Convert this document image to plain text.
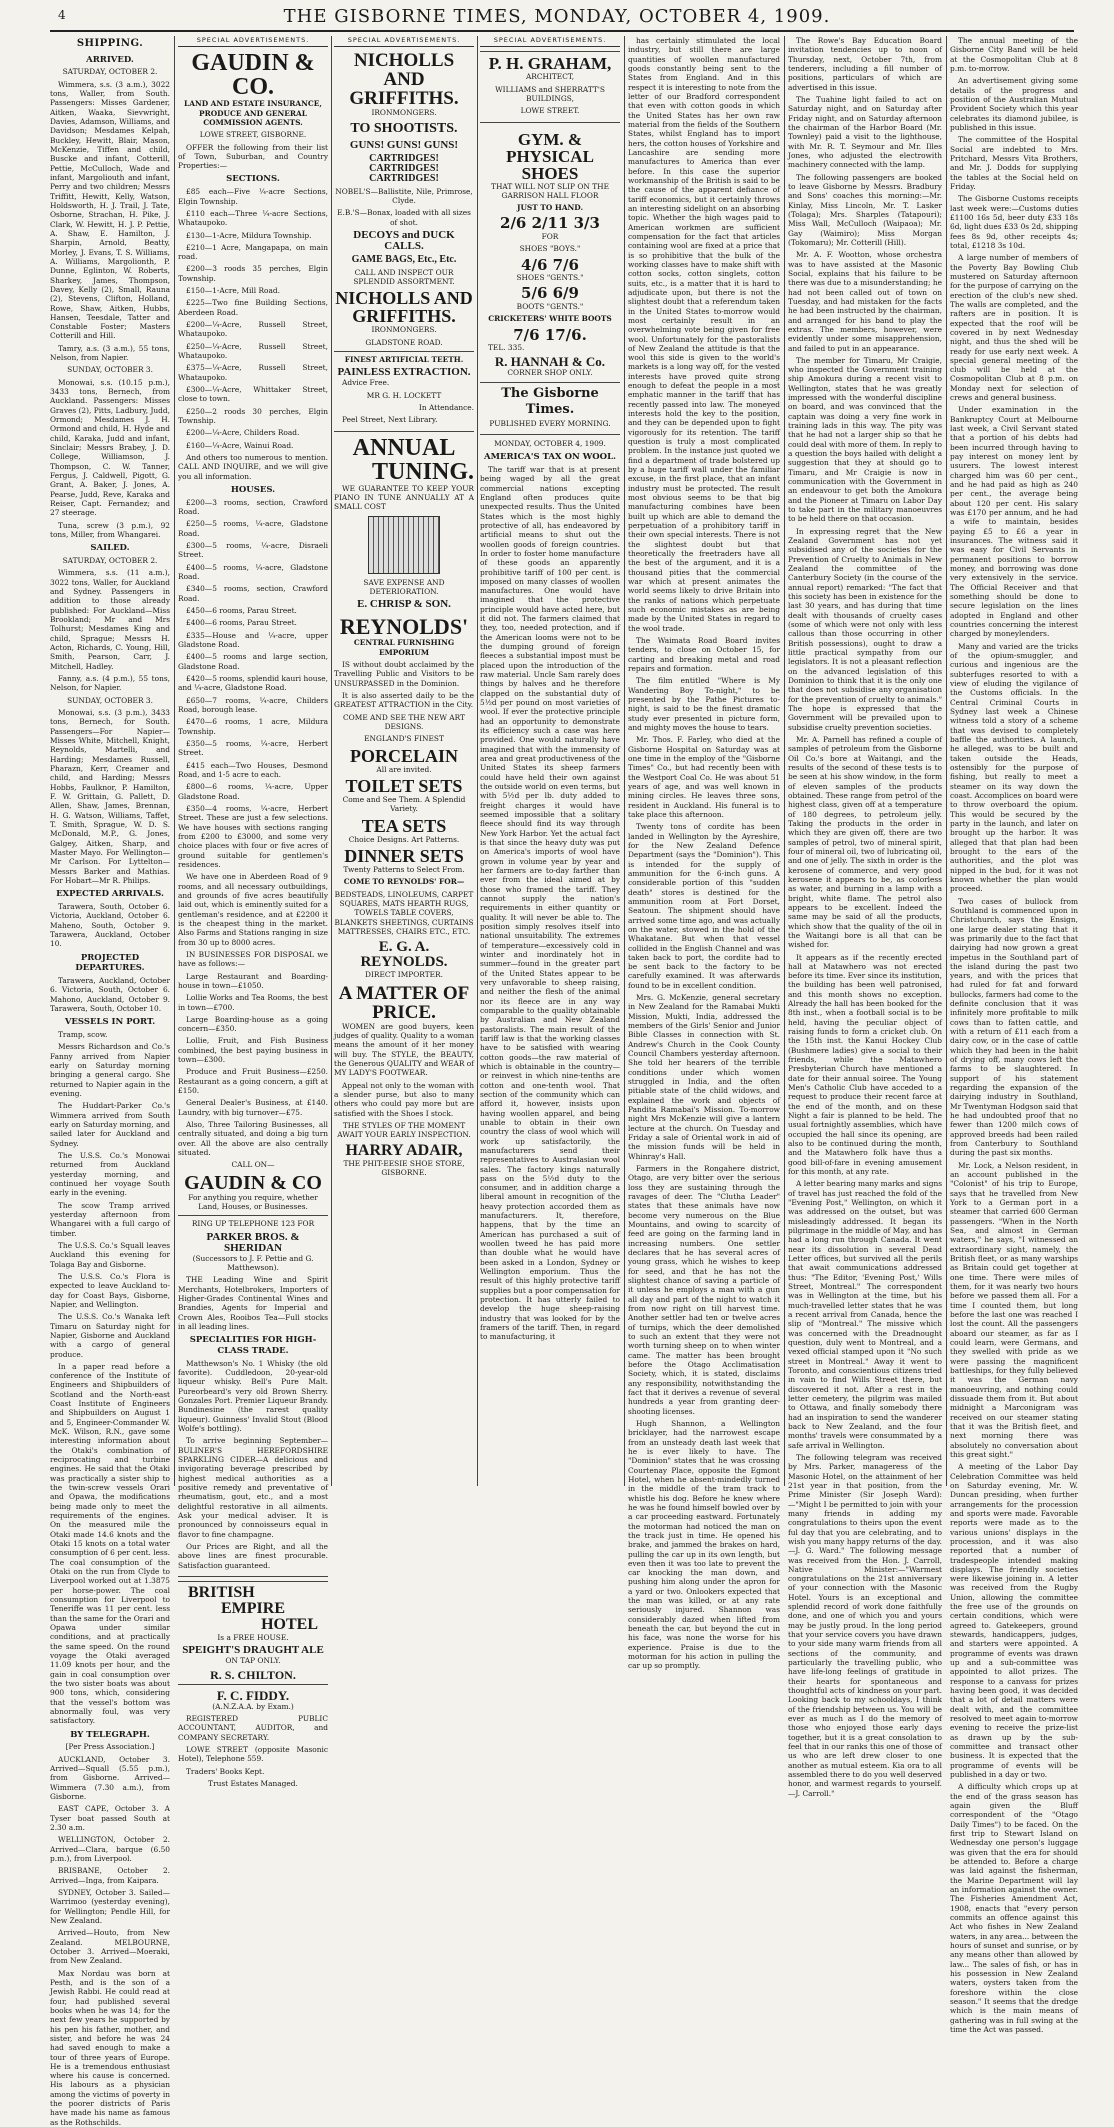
4	THE GISBORNE TIMES, MONDAY, OCTOBER 4, 1909.
SHIPPING.
ARRIVED.

SATURDAY, OCTOBER 2.

Wimmera, s.s. (3 a.m.), 3022 tons, Waller, from South. Passengers: Misses Gardener, Aitken, Waaka, Sievwright, Davies, Adamson, Williams, and Davidson; Mesdames Kelpah, Buckley, Hewitt, Blair, Mason, McKenzie, Tiffen and child, Buscke and infant, Cotterill, Pettie, McCulloch, Wade and infant, Margoliouth and infant, Perry and two children; Messrs Triffitt, Hewitt, Kelly, Watson, Holdsworth, H. J. Trail, J. Tate, Osborne, Strachan, H. Pike, J. Clark, W. Hewitt, H. J. P. Pettie, A. Shaw, E. Hamilton, J. Sharpin, Arnold, Beatty, Morley, J. Evans, T. S. Williams, A. Williams, Margolionth, P. Dunne, Eglinton, W. Roberts, Sharkey, James, Thompson, Davey, Kelly (2), Small, Rauna (2), Stevens, Clifton, Holland, Rowe, Shaw, Aitken, Hubbs, Hansen, Teesdale, Tatter and Constable Foster; Masters Cotterill and Hill.

Tamry, a.s. (3 a.m.), 55 tons, Nelson, from Napier.

SUNDAY, OCTOBER 3.

Monowai, s.s. (10.15 p.m.), 3433 tons, Bernech, from Auckland. Passengers: Misses Graves (2), Pitts, Ladbury, Judd, Ormond; Mesdames J. H. Ormond and child, H. Hyde and child, Karaka, Judd and infant, Sinclair; Messrs Brabey, J. D. College, Williamson, J. Thompson, C. W. Tanner, Fergus, J. Caldwell, Pigott, G. Grant, A. Baker, J. Jones, A. Pearse, Judd, Reve, Karaka and Reiser, Capt. Fernandez; and 27 steerage.

Tuna, screw (3 p.m.), 92 tons, Miller, from Whangarei.

SAILED.

SATURDAY, OCTOBER 2.

Wimmera, s.s. (11 a.m.), 3022 tons, Waller, for Auckland and Sydney. Passengers in addition to those already published: For Auckland—Miss Brookland; Mr and Mrs Tolhurst; Mesdames King and child, Sprague; Messrs H. Acton, Richards, C. Young, Hill, Smith, Pearson, Carr, J. Mitchell, Hadley.

Fanny, a.s. (4 p.m.), 55 tons, Nelson, for Napier.

SUNDAY, OCTOBER 3.

Monowai, s.s. (3 p.m.), 3433 tons, Bernech, for South. Passengers—For Napier—Misses White, Mitchell, Knight, Reynolds, Martelli, and Harding; Mesdames Russell, Pharazn, Kerr, Creamer and child, and Harding; Messrs Hobbs, Faulknor, P. Hamilton, F. W. Grittain, G. Pallett, D. Allen, Shaw, James, Brennan, H. G. Watson, Williams, Taffet, T. Smith, Sprague, W. D. S. McDonald, M.P., G. Jones, Galgey, Aitken, Sharp, and Master Mayo. For Wellington—Mr Carlson. For Lyttelton—Messrs Barker and Mathias. For Hobart—Mr R. Philips.

EXPECTED ARRIVALS.

Tarawera, South, October 6. Victoria, Auckland, October 6. Maheno, South, October 9. Tarawera, Auckland, October 10.

PROJECTED DEPARTURES.

Tarawera, Auckland, October 6. Victoria, South, October 6. Mahono, Auckland, October 9. Tarawera, South, October 10.

VESSELS IN PORT.

Tramp, scow.

Messrs Richardson and Co.'s Fanny arrived from Napier early on Saturday morning bringing a general cargo. She returned to Napier again in the evening.

The Huddart-Parker Co.'s Wimmera arrived from South early on Saturday morning, and sailed later for Auckland and Sydney.

The U.S.S. Co.'s Monowai returned from Auckland yesterday morning, and continued her voyage South early in the evening.

The scow Tramp arrived yesterday afternoon from Whangarei with a full cargo of timber.

The U.S.S. Co.'s Squall leaves Auckland this evening for Tolaga Bay and Gisborne.

The U.S.S. Co.'s Flora is expected to leave Auckland to-day for Coast Bays, Gisborne, Napier, and Wellington.

The U.S.S. Co.'s Wanaka left Timaru on Saturday night for Napier, Gisborne and Auckland with a cargo of general produce.

In a paper read before a conference of the Institute of Engineers and Shipbuilders of Scotland and the North-east Coast Institute of Engineers and Shipbuilders on August 1 and 5, Engineer-Commander W. McK. Wilson, R.N., gave some interesting information about the Otaki's combination of reciprocating and turbine engines. He said that the Otaki was practically a sister ship to the twin-screw vessels Orari and Opawa, the modifications being made only to meet the requirements of the engines. On the measured mile the Otaki made 14.6 knots and the Otaki 15 knots on a total water consumption of 6 per cent. less. The coal consumption of the Otaki on the run from Clyde to Liverpool worked out at 1.3875 per horse-power. The coal consumption for Liverpool to Teneriffe was 11 per cent. less than the same for the Orari and Opawa under similar conditions, and at practically the same speed. On the round voyage the Otaki averaged 11.09 knots per hour, and the gain in coal consumption over the two sister boats was about 900 tons, which, considering that the vessel's bottom was abnormally foul, was very satisfactory.

BY TELEGRAPH.

[Per Press Association.]

AUCKLAND, October 3. Arrived—Squall (5.55 p.m.), from Gisborne. Arrived—Wimmera (7.30 a.m.), from Gisborne.

EAST CAPE, October 3. A Tyser boat passed South at 2.30 a.m.

WELLINGTON, October 2. Arrived—Clara, barque (6.50 p.m.), from Liverpool.

BRISBANE, October 2. Arrived—Inga, from Kaipara.

SYDNEY, October 3. Sailed—Warrimoo (yesterday evening), for Wellington; Pendle Hill, for New Zealand.

Arrived—Houto, from New Zealand. MELBOURNE, October 3. Arrived—Moeraki, from New Zealand.

Max Nordau was born at Pesth, and is the son of a Jewish Rabbi. He could read at four, had published several books when he was 14; for the next few years he supported by his pen his father, mother, and sister, and before he was 24 had saved enough to make a tour of three years of Europe. He is a tremendous enthusiast where his cause is concerned. His labours as a physician among the victims of poverty in the poorer districts of Paris have made his name as famous as the Rothschilds.

SPECIAL ADVERTISEMENTS.
GAUDIN & CO.

LAND AND ESTATE INSURANCE, PRODUCE AND GENERAL COMMISSION AGENTS.

LOWE STREET, GISBORNE.

OFFER the following from their list of Town, Suburban, and Country Properties:—

SECTIONS.

£85 each—Five ¼-acre Sections, Elgin Township.

£110 each—Three ¼-acre Sections, Whataupoko.

£130—1-Acre, Mildura Township.

£210—1 Acre, Mangapapa, on main road.

£200—3 roods 35 perches, Elgin Township.

£150—1-Acre, Mill Road.

£225—Two fine Building Sections, Aberdeen Road.

£200—¼-Acre, Russell Street, Whataupoko.

£250—¼-Acre, Russell Street, Whataupoko.

£375—¼-Acre, Russell Street, Whataupoko.

£300—¼-Acre, Whittaker Street, close to town.

£250—2 roods 30 perches, Elgin Township.

£200—¼-Acre, Childers Road.

£160—¼-Acre, Wainui Road.

And others too numerous to mention. CALL AND INQUIRE, and we will give you all information.

HOUSES.

£200—3 rooms, section, Crawford Road.

£250—5 rooms, ¼-acre, Gladstone Road.

£300—5 rooms, ¼-acre, Disraeli Street.

£400—5 rooms, ¼-acre, Gladstone Road.

£340—5 rooms, section, Crawford Road.

£450—6 rooms, Parau Street.

£400—6 rooms, Parau Street.

£335—House and ¼-acre, upper Gladstone Road.

£400—5 rooms and large section, Gladstone Road.

£420—5 rooms, splendid kauri house, and ¼-acre, Gladstone Road.

£650—7 rooms, ¼-acre, Childers Road, borough lease.

£470—6 rooms, 1 acre, Mildura Township.

£350—5 rooms, ¼-acre, Herbert Street.

£415 each—Two Houses, Desmond Road, and 1-5 acre to each.

£800—6 rooms, ¼-acre, Upper Gladstone Road.

£350—4 rooms, ¼-acre, Herbert Street. These are just a few selections. We have houses with sections ranging from £200 to £3000, and some very choice places with four or five acres of ground suitable for gentlemen's residences.

We have one in Aberdeen Road of 9 rooms, and all necessary outbuildings, and grounds of five acres beautifully laid out, which is eminently suited for a gentleman's residence, and at £2200 it is the cheapest thing in the market. Also Farms and Stations ranging in size from 30 up to 8000 acres.

IN BUSINESSES FOR DISPOSAL we have as follows:—

Large Restaurant and Boarding-house in town—£1050.

Lollie Works and Tea Rooms, the best in town—£700.

Large Boarding-house as a going concern—£350.

Lollie, Fruit, and Fish Business combined, the best paying business in town—£300.

Produce and Fruit Business—£250. Restaurant as a going concern, a gift at £150.

General Dealer's Business, at £140. Laundry, with big turnover—£75.

Also, Three Tailoring Businesses, all centrally situated, and doing a big turn over. All the above are also centrally situated.

CALL ON—

GAUDIN & CO

For anything you require, whether Land, Houses, or Businesses.

RING UP TELEPHONE 123 FOR

PARKER BROS. & SHERIDAN

(Successors to J. F. Pettie and G. Matthewson).

THE Leading Wine and Spirit Merchants, Hotelbrokers, Importers of Higher-Grades Continental Wines and Brandies, Agents for Imperial and Crown Ales, Rooibos Tea—Full stocks in all leading lines.

SPECIALITIES FOR HIGH-CLASS TRADE.

Matthewson's No. 1 Whisky (the old favorite). Cuddledoon, 20-year-old liqueur whisky. Bell's Pure Malt. Pureorbeard's very old Brown Sherry. Gonzales Port. Premier Liqueur Brandy. Bundinesine (the rarest quality liqueur). Guinness' Invalid Stout (Blood Wolfe's bottling).

To arrive beginning September—BULINER'S HEREFORDSHIRE SPARKLING CIDER—A delicious and invigorating beverage prescribed by highest medical authorities as a positive remedy and preventative of rheumatism, gout, etc., and a most delightful restorative in all ailments. Ask your medical adviser. It is pronounced by connoisseurs equal in flavor to fine champagne.

Our Prices are Right, and all the above lines are finest procurable. Satisfaction guaranteed.

BRITISH
EMPIRE
HOTEL

Is a FREE HOUSE.

SPEIGHT'S DRAUGHT ALE

ON TAP ONLY.

R. S. CHILTON.
F. C. FIDDY.

(A.N.Z.A.A. by Exam.)

REGISTERED PUBLIC ACCOUNTANT, AUDITOR, and COMPANY SECRETARY.

LOWE STREET (opposite Masonic Hotel), Telephone 559.

Traders' Books Kept.

Trust Estates Managed.

SPECIAL ADVERTISEMENTS.
NICHOLLS AND GRIFFITHS.

IRONMONGERS.

TO SHOOTISTS.
GUNS! GUNS! GUNS!
CARTRIDGES! CARTRIDGES! CARTRIDGES!

NOBEL'S—Ballistite, Nile, Primrose, Clyde.

E.B.'S—Bonax, loaded with all sizes of shot.

DECOYS and DUCK CALLS.
GAME BAGS, Etc., Etc.

CALL AND INSPECT OUR SPLENDID ASSORTMENT.

NICHOLLS AND GRIFFITHS.

IRONMONGERS.

GLADSTONE ROAD.

FINEST ARTIFICIAL TEETH.

PAINLESS EXTRACTION.

Advice Free.

MR G. H. LOCKETT

In Attendance.

Peel Street, Next Library.

ANNUAL
TUNING.

WE GUARANTEE TO KEEP YOUR PIANO IN TUNE ANNUALLY AT A SMALL COST

SAVE EXPENSE AND DETERIORATION.

E. CHRISP & SON.
REYNOLDS'

CENTRAL FURNISHING EMPORIUM

IS without doubt acclaimed by the Travelling Public and Visitors to be UNSURPASSED in the Dominion.

It is also asserted daily to be the GREATEST ATTRACTION in the City.

COME AND SEE THE NEW ART DESIGNS.

ENGLAND'S FINEST

PORCELAIN

All are invited.

TOILET SETS

Come and See Them. A Splendid Variety.

TEA SETS

Choice Designs. Art Patterns.

DINNER SETS

Twenty Patterns to Select From.

COME TO REYNOLDS' FOR—

BEDSTEADS, LINOLEUMS, CARPET SQUARES, MATS HEARTH RUGS, TOWELS TABLE COVERS, BLANKETS SHEETINGS, CURTAINS MATTRESSES, CHAIRS ETC., ETC.

E. G. A. REYNOLDS.

DIRECT IMPORTER.

A MATTER OF PRICE.

WOMEN are good buyers, keen judges of quality. Quality to a woman means the amount of it her money will buy. The STYLE, the BEAUTY, the Generous QUALITY and WEAR of MY LADY'S FOOTWEAR.

Appeal not only to the woman with a slender purse, but also to many others who could pay more but are satisfied with the Shoes I stock.

THE STYLES OF THE MOMENT AWAIT YOUR EARLY INSPECTION.

HARRY ADAIR,

THE PHIT-EESIE SHOE STORE, GISBORNE.

SPECIAL ADVERTISEMENTS.
P. H. GRAHAM,

ARCHITECT,

WILLIAMS and SHERRATT'S BUILDINGS,

LOWE STREET.

GYM. & PHYSICAL SHOES

THAT WILL NOT SLIP ON THE GARRISON HALL FLOOR

JUST TO HAND.

2/6 2/11 3/3

FOR

SHOES "BOYS."

4/6 7/6

SHOES "GENTS."

5/6 6/9

BOOTS "GENTS."

CRICKETERS' WHITE BOOTS

7/6 17/6.

TEL. 335.

R. HANNAH & Co.

CORNER SHOP ONLY.

The Gisborne Times.

PUBLISHED EVERY MORNING.

MONDAY, OCTOBER 4, 1909.

AMERICA'S TAX ON WOOL.

The tariff war that is at present being waged by all the great commercial nations excepting England often produces quite unexpected results. Thus the United States which is the most highly protective of all, has endeavored by artificial means to shut out the woollen goods of foreign countries. In order to foster home manufacture of these goods an apparently prohibitive tariff of 100 per cent. is imposed on many classes of woollen manufactures. One would have imagined that the protective principle would have acted here, but it did not. The farmers claimed that they, too, needed protection, and if the American looms were not to be the dumping ground of foreign fleeces a substantial impost must be placed upon the introduction of the raw material. Uncle Sam rarely does things by halves and he therefore clapped on the substantial duty of 5½d per pound on most varieties of wool. If ever the protective principle had an opportunity to demonstrate its efficiency such a case was here provided. One would naturally have imagined that with the immensity of area and great productiveness of the United States its sheep farmers could have held their own against the outside world on even terms, but with 5½d per lb. duty added to freight charges it would have seemed impossible that a solitary fleece should find its way through New York Harbor. Yet the actual fact is that since the heavy duty was put on America's imports of wool have grown in volume year by year and her farmers are to-day farther than ever from the ideal aimed at by those who framed the tariff. They cannot supply the nation's requirements in either quantity or quality. It will never be able to. The position simply resolves itself into national unsuitability. The extremes of temperature—excessively cold in winter and inordinately hot in summer—found in the greater part of the United States appear to be very unfavorable to sheep raising, and neither the flesh of the animal nor its fleece are in any way comparable to the quality obtainable by Australian and New Zealand pastoralists. The main result of the tariff law is that the working classes have to be satisfied with wearing cotton goods—the raw material of which is obtainable in the country—or reinvest in which nine-tenths are cotton and one-tenth wool. That section of the community which can afford it, however, insists upon having woollen apparel, and being unable to obtain in their own country the class of wool which will work up satisfactorily, the manufacturers send their representatives to Australasian wool sales. The factory kings naturally pass on the 5½d duty to the consumer, and in addition charge a liberal amount in recognition of the heavy protection accorded them as manufacturers. It, therefore, happens, that by the time an American has purchased a suit of woollen tweed he has paid more than double what he would have been asked in a London, Sydney or Wellington emporium. Thus the result of this highly protective tariff supplies but a poor compensation for protection. It has utterly failed to develop the huge sheep-raising industry that was looked for by the framers of the tariff. Then, in regard to manufacturing, it

has certainly stimulated the local industry, but still there are large quantities of woollen manufactured goods constantly being sent to the States from England. And in this respect it is interesting to note from the letter of our Bradford correspondent that even with cotton goods in which the United States has her own raw material from the fields of the Southern States, whilst England has to import hers, the cotton houses of Yorkshire and Lancashire are sending more manufactures to America than ever before. In this case the superior workmanship of the British is said to be the cause of the apparent defiance of tariff economics, but it certainly throws an interesting sidelight on an absorbing topic. Whether the high wages paid to American workmen are sufficient compensation for the fact that articles containing wool are fixed at a price that is so prohibitive that the bulk of the working classes have to make shift with cotton socks, cotton singlets, cotton suits, etc., is a matter that it is hard to adjudicate upon, but there is not the slightest doubt that a referendum taken in the United States to-morrow would most certainly result in an overwhelming vote being given for free wool. Unfortunately for the pastoralists of New Zealand the attitude is that the wool this side is given to the world's markets is a long way off, for the vested interests have proved quite strong enough to defeat the people in a most emphatic manner in the tariff that has recently passed into law. The moneyed interests hold the key to the position, and they can be depended upon to fight vigorously for its retention. The tariff question is truly a most complicated problem. In the instance just quoted we find a department of trade bolstered up by a huge tariff wall under the familiar excuse, in the first place, that an infant industry must be protected. The result most obvious seems to be that big manufacturing combines have been built up which are able to demand the perpetuation of a prohibitory tariff in their own special interests. There is not the slightest doubt but that theoretically the freetraders have all the best of the argument, and it is a thousand pities that the commercial war which at present animates the world seems likely to drive Britain into the ranks of nations which perpetuate such economic mistakes as are being made by the United States in regard to the wool trade.

The Waimata Road Board invites tenders, to close on October 15, for carting and breaking metal and road repairs and formation.

The film entitled "Where is My Wandering Boy To-night," to be presented by the Pathe Pictures to-night, is said to be the finest dramatic study ever presented in picture form, and mighty moves the house to tears.

Mr. Thos. F. Farley, who died at the Gisborne Hospital on Saturday was at one time in the employ of the "Gisborne Times" Co., but had recently been with the Westport Coal Co. He was about 51 years of age, and was well known in mining circles. He leaves three sons, resident in Auckland. His funeral is to take place this afternoon.

Twenty tons of cordite has been landed in Wellington by the Ayreshire, for the New Zealand Defence Department (says the "Dominion"). This is intended for the supply of ammunition for the 6-inch guns. A considerable portion of this "sudden death" stores is destined for the ammunition room at Fort Dorset, Seatoun. The shipment should have arrived some time ago, and was actually on the water, stowed in the hold of the Whakatane. But when that vessel collided in the English Channel and was taken back to port, the cordite had to be sent back to the factory to be carefully examined. It was afterwards found to be in excellent condition.

Mrs. G. McKenzie, general secretary in New Zealand for the Ramabai Mukti Mission, Mukti, India, addressed the members of the Girls' Senior and Junior Bible Classes in connection with St. Andrew's Church in the Cook County Council Chambers yesterday afternoon. She told her hearers of the terrible conditions under which women struggled in India, and the often pitiable state of the child widows, and explained the work and objects of Pandita Ramabai's Mission. To-morrow night Mrs McKenzie will give a lantern lecture at the church. On Tuesday and Friday a sale of Oriental work in aid of the mission funds will be held in Whinray's Hall.

Farmers in the Rongahere district, Otago, are very bitter over the serious loss they are sustaining through the ravages of deer. The "Clutha Leader" states that these animals have now become very numerous on the Blue Mountains, and owing to scarcity of feed are going on the farming land in increasing numbers. One settler declares that he has several acres of young grass, which he wishes to keep for seed, and that he has not the slightest chance of saving a particle of it unless he employs a man with a gun all day and part of the night to watch it from now right on till harvest time. Another settler had ten or twelve acres of turnips, which the deer demolished to such an extent that they were not worth turning sheep on to when winter came. The matter has been brought before the Otago Acclimatisation Society, which, it is stated, disclaims any responsibility, notwithstanding the fact that it derives a revenue of several hundreds a year from granting deer-shooting licenses.

Hugh Shannon, a Wellington bricklayer, had the narrowest escape from an unsteady death last week that he is ever likely to have. The "Dominion" states that he was crossing Courtenay Place, opposite the Egmont Hotel, when he absent-mindedly turned in the middle of the tram track to whistle his dog. Before he knew where he was he found himself bowled over by a car proceeding eastward. Fortunately the motorman had noticed the man on the track just in time. He opened his brake, and jammed the brakes on hard, pulling the car up in its own length, but even then it was too late to prevent the car knocking the man down, and pushing him along under the apron for a yard or two. Onlookers expected that the man was killed, or at any rate seriously injured. Shannon was considerably dazed when lifted from beneath the car, but beyond the cut in his face, was none the worse for his experience. Praise is due to the motorman for his action in pulling the car up so promptly.

The Rowe's Bay Education Board invitation tendencies up to noon of Thursday, next, October 7th, from tenderers, including a fill number of positions, particulars of which are advertised in this issue.

The Tuahine light failed to act on Saturday night, and on Saturday after Friday night, and on Saturday afternoon the chairman of the Harbor Board (Mr. Townley) paid a visit to the lighthouse, with Mr. R. T. Seymour and Mr. Illes Jones, who adjusted the electrowith machinery connected with the lamp.

The following passengers are booked to leave Gisborne by Messrs. Bradbury and Sons' coaches this morning:—Mr. Kinlay, Miss Lincoln, Mr. T. Lasker (Tolaga); Mrs. Sharples (Tatapouri); Miss Wall, McCulloch (Waipaoa); Mr. Gay (Waimiro); Miss Morgan (Tokomaru); Mr. Cotterill (Hill).

Mr. A. F. Wootton, whose orchestra was to have assisted at the Masonic Social, explains that his failure to be there was due to a misunderstanding; he had not been called out of town on Tuesday, and had mistaken for the facts he had been instructed by the chairman, and arranged for his band to play the extras. The members, however, were evidently under some misapprehension, and failed to put in an appearance.

The member for Timaru, Mr Craigie, who inspected the Government training ship Amokura during a recent visit to Wellington, states that he was greatly impressed with the wonderful discipline on board, and was convinced that the captain was doing a very fine work in training lads in this way. The pity was that he had not a larger ship so that he could deal with more of them. In reply to a question the boys hailed with delight a suggestion that they at should go to Timaru, and Mr Craigie is now in communication with the Government in an endeavour to get both the Amokura and the Pioneer at Timaru on Labor Day to take part in the military manoeuvres to be held there on that occasion.

In expressing regret that the New Zealand Government has not yet subsidised any of the societies for the Prevention of Cruelty to Animals in New Zealand the committee of the Canterbury Society (in the course of the annual report) remarked: "The fact that this society has been in existence for the last 30 years, and has during that time dealt with thousands of cruelty cases (some of which were not only with less callous than those occurring in other British possessions), ought to draw a little practical sympathy from our legislators. It is not a pleasant reflection on the advanced legislation of this Dominion to think that it is the only one that does not subsidise any organisation for the prevention of cruelty to animals." The hope is expressed that the Government will be prevailed upon to subsidise cruelty prevention societies.

Mr. A. Parnell has refined a couple of samples of petroleum from the Gisborne Oil Co.'s bore at Waitangi, and the results of the second of these tests is to be seen at his show window, in the form of eleven samples of the products obtained. These range from petrol of the highest class, given off at a temperature of 180 degrees, to petroleum jelly. Taking the products in the order in which they are given off, there are two samples of petrol, two of mineral spirit, four of mineral oil, two of lubricating oil, and one of jelly. The sixth in order is the kerosene of commerce, and very good kerosene it appears to be, as colorless as water, and burning in a lamp with a bright, white flame. The petrol also appears to be excellent. Indeed the same may be said of all the products, which show that the quality of the oil in the Waitangi bore is all that can be wished for.

It appears as if the recently erected hall at Matawhero was not erected before its time. Ever since its institution, the building has been well patronised, and this month shows no exception. Already the hall has been booked for the 8th inst., when a football social is to be held, having the peculiar object of raising funds to form a cricket club. On the 15th inst. the Kanui Hockey Club (Bushmere ladies) give a social to their friends, while the Matawhero Presbyterian Church have mentioned a date for their annual soiree. The Young Men's Catholic Club have acceded to a request to produce their recent farce at the end of the month, and on these Night a fair is planned to be held. The usual fortnightly assemblies, which have occupied the hall since its opening, are also to be continued during the month, and the Matawhero folk have thus a good bill-of-fare in evening amusement for this month, at any rate.

A letter bearing many marks and signs of travel has just reached the fold of the "Evening Post," Wellington, on which it was addressed on the outset, but was misleadingly addressed. It began its pilgrimage in the middle of May, and has had a long run through Canada. It went near its dissolution in several Dead Letter offices, but survived all the perils that await communications addressed thus: "The Editor, 'Evening Post,' Wills Street, Montreal." The correspondent was in Wellington at the time, but his much-travelled letter states that he was a recent arrival from Canada, hence the slip of "Montreal." The missive which was concerned with the Dreadnought question, duly went to Montreal, and a vexed official stamped upon it "No such street in Montreal." Away it went to Toronto, and conscientious citizens tried in vain to find Wills Street there, but discovered it not. After a rest in the letter cemetery, the pilgrim was mailed to Ottawa, and finally somebody there had an inspiration to send the wanderer back to New Zealand, and the four months' travels were consummated by a safe arrival in Wellington.

The following telegram was received by Mrs. Parker, manageress of the Masonic Hotel, on the attainment of her 21st year in that position, from the Prime Minister (Sir Joseph Ward):—"Might I be permitted to join with your many friends in adding my congratulations to theirs upon the event ful day that you are celebrating, and to wish you many happy returns of the day.—J. G. Ward." The following message was received from the Hon. J. Carroll, Native Minister:—"Warmest congratulations on the 21st anniversary of your connection with the Masonic Hotel. Yours is an exceptional and splendid record of work done faithfully done, and one of which you and yours may be justly proud. In the long period that your service covers you have drawn to your side many warm friends from all sections of the community, and particularly the travelling public, who have life-long feelings of gratitude in their hearts for spontaneous and thoughtful acts of kindness on your part. Looking back to my schooldays, I think of the friendship between us. You will be ever as much as I do the memory of those who enjoyed those early days together, but it is a great consolation to feel that in our ranks this one of those of us who are left drew closer to one another as mutual esteem. Kia ora to all assembled there to do you well deserved honor, and warmest regards to yourself.—J. Carroll."

The annual meeting of the Gisborne City Band will be held at the Cosmopolitan Club at 8 p.m. to-morrow.

An advertisement giving some details of the progress and position of the Australian Mutual Provident Society which this year celebrates its diamond jubilee, is published in this issue.

The committee of the Hospital Social are indebted to Mrs. Pritchard, Messrs Vita Brothers, and Mr. J. Dodds for supplying the tables at the Social held on Friday.

The Gisborne Customs receipts last week were:—Customs duties £1100 16s 5d, beer duty £33 18s 6d, light dues £33 0s 2d, shipping fees 8s 9d, other receipts 4s; total, £1218 3s 10d.

A large number of members of the Poverty Bay Bowling Club mustered on Saturday afternoon for the purpose of carrying on the erection of the club's new shed. The walls are completed, and the rafters are in position. It is expected that the roof will be covered in by next Wednesday night, and thus the shed will be ready for use early next week. A special general meeting of the club will be held at the Cosmopolitan Club at 8 p.m. on Monday next for selection of crews and general business.

Under examination in the Bankruptcy Court at Melbourne last week, a Civil Servant stated that a portion of his debts had been incurred through having to pay interest on money lent by usurers. The lowest interest charged him was 60 per cent., and he had paid as high as 240 per cent., the average being about 120 per cent. His salary was £170 per annum, and he had a wife to maintain, besides paying £5 to £6 a year in insurances. The witness said it was easy for Civil Servants in permanent positions to borrow money, and borrowing was done very extensively in the service. The Official Receiver and that something should be done to secure legislation on the lines adopted in England and other countries concerning the interest charged by moneylenders.

Many and varied are the tricks of the opium-smuggler, and curious and ingenious are the subterfuges resorted to with a view of eluding the vigilance of the Customs officials. In the Central Criminal Courts in Sydney last week a Chinese witness told a story of a scheme that was devised to completely baffle the authorities. A launch, he alleged, was to be built and taken outside the Heads, ostensibly for the purpose of fishing, but really to meet a steamer on its way down the coast. Accomplices on board were to throw overboard the opium. This would be secured by the party in the launch, and later on brought up the harbor. It was alleged that that plan had been brought to the ears of the authorities, and the plot was nipped in the bud, for it was not known whether the plan would proceed.

Two cases of bullock from Southland is commenced upon in Christchurch, says the Ensign, one large dealer stating that it was primarily due to the fact that dairying had now grown a great impetus in the Southland part of the island during the past two years, and with the prices that had ruled for fat and forward bullocks, farmers had come to the definite conclusion that it was infinitely more profitable to milk cows than to fatten cattle, and with a return of £11 each from a dairy cow, or in the case of cattle which they had been in the habit of drying off, many cows left the farms to be slaughtered. In support of his statement regarding the expansion of the dairying industry in Southland, Mr Twentyman Hodgson said that he had undoubted proof that no fewer than 1200 milch cows of approved breeds had been railed from Canterbury to Southland during the past six months.

Mr. Lock, a Nelson resident, in an account published in the "Colonist" of his trip to Europe, says that he travelled from New York to a German port in a steamer that carried 600 German passengers. "When in the North Sea, and almost in German waters," he says, "I witnessed an extraordinary sight, namely, the British fleet, or as many warships as Britain could get together at one time. There were miles of them, for it was nearly two hours before we passed them all. For a time I counted them, but long before the last one was reached I lost the count. All the passengers aboard our steamer, as far as I could learn, were Germans, and they swelled with pride as we were passing the magnificent battleships, for they fully believed it was the German navy manoeuvring, and nothing could dissuade them from it. But about midnight a Marconigram was received on our steamer stating that it was the British fleet, and next morning there was absolutely no conversation about this great sight."

A meeting of the Labor Day Celebration Committee was held on Saturday evening, Mr. W. Duncan presiding, when further arrangements for the procession and sports were made. Favorable reports were made as to the various unions' displays in the procession, and it was also reported that a number of tradespeople intended making displays. The friendly societies were likewise joining in. A letter was received from the Rugby Union, allowing the committee the free use of the grounds on certain conditions, which were agreed to. Gatekeepers, ground stewards, handicappers, judges, and starters were appointed. A programme of events was drawn up and a sub-committee was appointed to allot prizes. The response to a canvass for prizes having been good, it was decided that a lot of detail matters were dealt with, and the committee resolved to meet again to-morrow evening to receive the prize-list as drawn up by the sub-committee and transact other business. It is expected that the programme of events will be published in a day or two.

A difficulty which crops up at the end of the grass season has again given the Bluff correspondent of the "Otago Daily Times") to be faced. On the first trip to Stewart Island on Wednesday one person's luggage was given that the era for should be attended to. Before a charge was laid against the fisherman, the Marine Department will lay an information against the owner. The Fisheries Amendment Act, 1908, enacts that "every person commits an offence against this Act who fishes in New Zealand waters, in any area... between the hours of sunset and sunrise, or by any means other than allowed by law... The sales of fish, or has in his possession in New Zealand waters, oysters taken from the foreshore within the close season." It seems that the dredge which is the main means of gathering was in full swing at the time the Act was passed.
